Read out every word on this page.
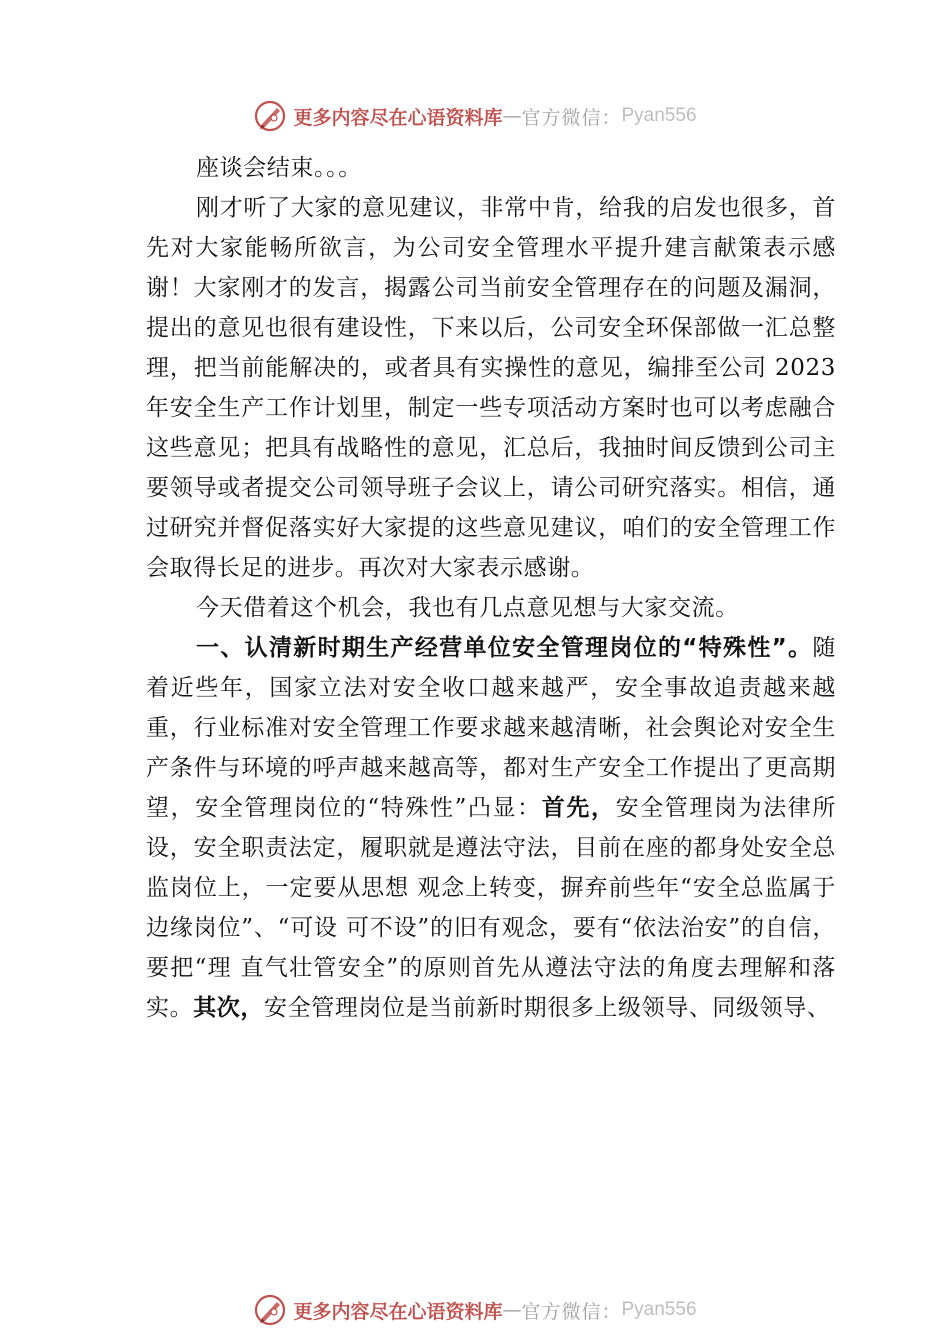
更多内容尽在心语资料库 — 官方微信： Pyan556

座谈会结束。。。

刚才听了大家的意见建议，非常中肯，给我的启发也很多，首先对大家能畅所欲言，为公司安全管理水平提升建言献策表示感谢！大家刚才的发言，揭露公司当前安全管理存在的问题及漏洞，提出的意见也很有建设性，下来以后，公司安全环保部做一汇总整理，把当前能解决的，或者具有实操性的意见，编排至公司 2023 年安全生产工作计划里，制定一些专项活动方案时也可以考虑融合这些意见；把具有战略性的意见，汇总后，我抽时间反馈到公司主要领导或者提交公司领导班子会议上，请公司研究落实。相信，通过研究并督促落实好大家提的这些意见建议，咱们的安全管理工作会取得长足的进步。再次对大家表示感谢。

今天借着这个机会，我也有几点意见想与大家交流。

一、认清新时期生产经营单位安全管理岗位的“特殊性”。随着近些年，国家立法对安全收口越来越严，安全事故追责越来越重，行业标准对安全管理工作要求越来越清晰，社会舆论对安全生产条件与环境的呼声越来越高等，都对生产安全工作提出了更高期望，安全管理岗位的“特殊性”凸显：首先，安全管理岗为法律所设，安全职责法定，履职就是遵法守法，目前在座的都身处安全总监岗位上，一定要从思想 观念上转变，摒弃前些年“安全总监属于边缘岗位”、“可设 可不设”的旧有观念，要有“依法治安”的自信，要把“理 直气壮管安全”的原则首先从遵法守法的角度去理解和落实。其次，安全管理岗位是当前新时期很多上级领导、同级领导、

更多内容尽在心语资料库 — 官方微信： Pyan556
